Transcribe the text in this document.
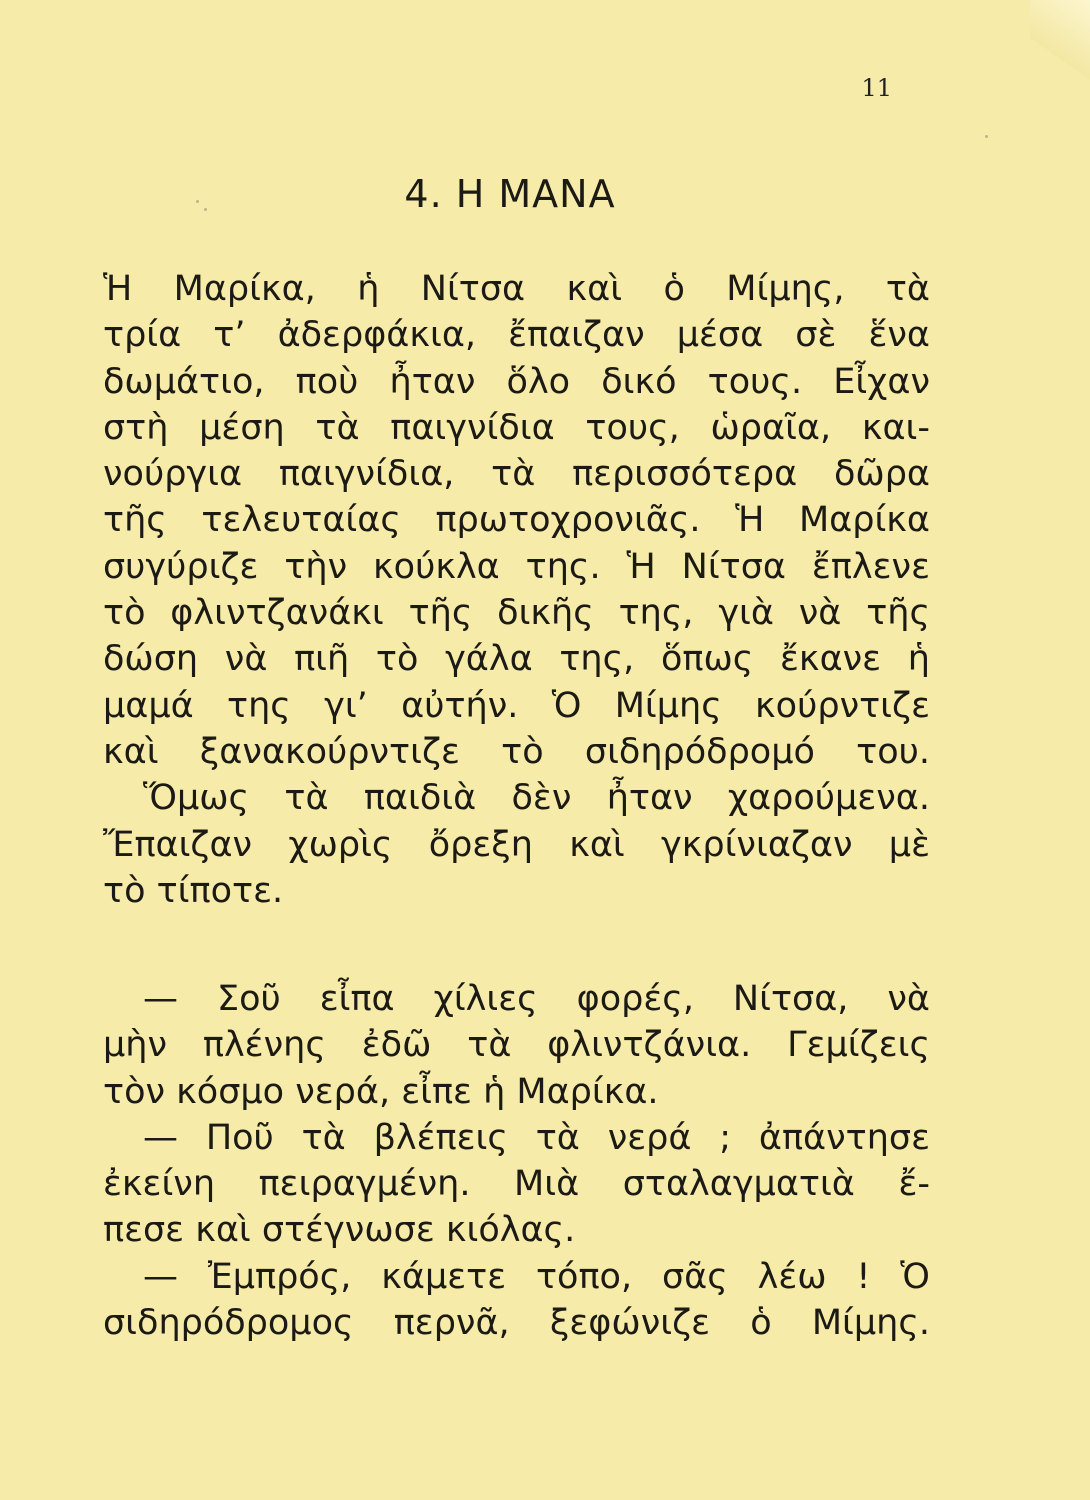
11
4. Η ΜΑΝΑ
Ἡ Μαρίκα, ἡ Νίτσα καὶ ὁ Μίμης, τὰ
τρία τ’ ἀδερφάκια, ἔπαιζαν μέσα σὲ ἕνα
δωμάτιο, ποὺ ἦταν ὅλο δικό τους. Εἶχαν
στὴ μέση τὰ παιγνίδια τους, ὡραῖα, και-
νούργια παιγνίδια, τὰ περισσότερα δῶρα
τῆς τελευταίας πρωτοχρονιᾶς. Ἡ Μαρίκα
συγύριζε τὴν κούκλα της. Ἡ Νίτσα ἔπλενε
τὸ φλιντζανάκι τῆς δικῆς της, γιὰ νὰ τῆς
δώση νὰ πιῆ τὸ γάλα της, ὅπως ἔκανε ἡ
μαμά της γι’ αὐτήν. Ὁ Μίμης κούρντιζε
καὶ ξανακούρντιζε τὸ σιδηρόδρομό του.
Ὅμως τὰ παιδιὰ δὲν ἦταν χαρούμενα.
Ἔπαιζαν χωρὶς ὄρεξη καὶ γκρίνιαζαν μὲ
τὸ τίποτε.
— Σοῦ εἶπα χίλιες φορές, Νίτσα, νὰ
μὴν πλένης ἐδῶ τὰ φλιντζάνια. Γεμίζεις
τὸν κόσμο νερά, εἶπε ἡ Μαρίκα.
— Ποῦ τὰ βλέπεις τὰ νερά ; ἀπάντησε
ἐκείνη πειραγμένη. Μιὰ σταλαγματιὰ ἔ-
πεσε καὶ στέγνωσε κιόλας.
— Ἐμπρός, κάμετε τόπο, σᾶς λέω ! Ὁ
σιδηρόδρομος περνᾶ, ξεφώνιζε ὁ Μίμης.
